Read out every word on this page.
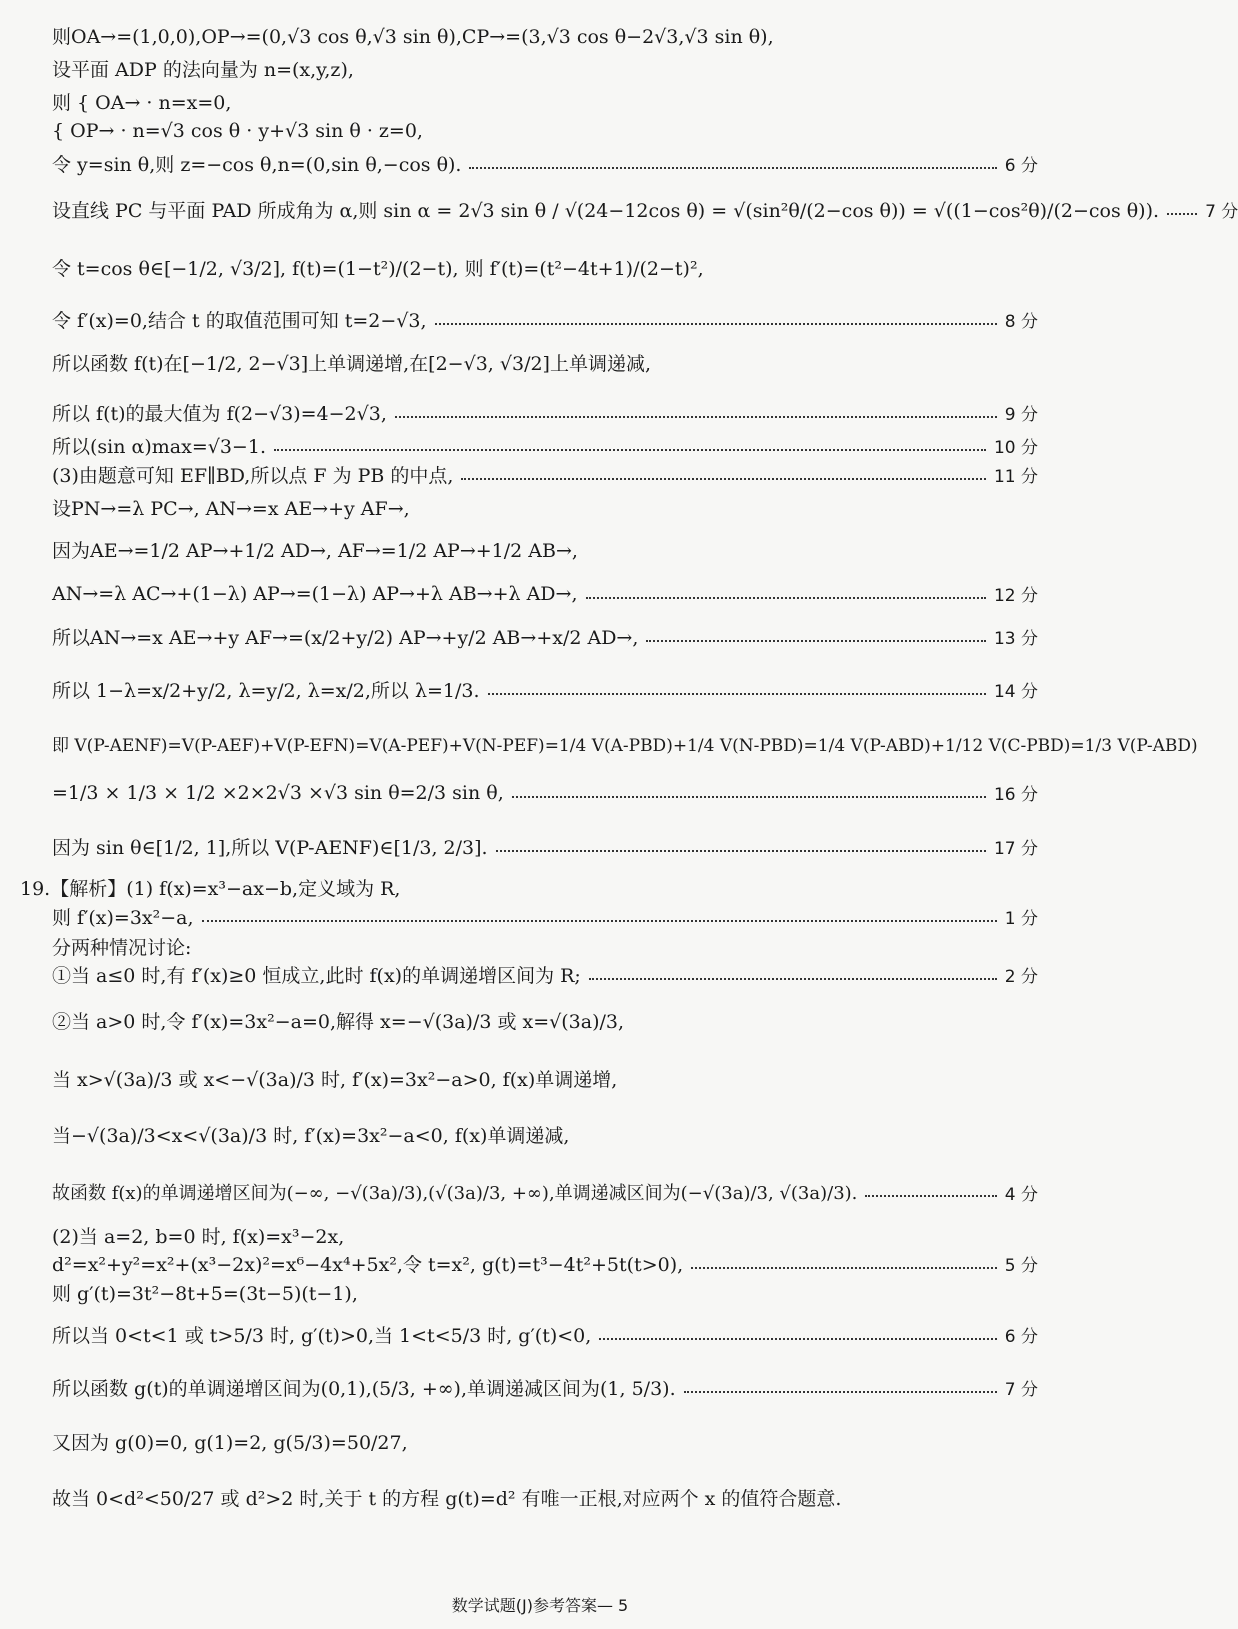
则OA→=(1,0,0),OP→=(0,√3 cos θ,√3 sin θ),CP→=(3,√3 cos θ−2√3,√3 sin θ),
设平面 ADP 的法向量为 n=(x,y,z),
则 { OA→ · n=x=0,
{ OP→ · n=√3 cos θ · y+√3 sin θ · z=0,
令 y=sin θ,则 z=−cos θ,n=(0,sin θ,−cos θ).	6 分
设直线 PC 与平面 PAD 所成角为 α,则 sin α = 2√3 sin θ / √(24−12cos θ) = √(sin²θ/(2−cos θ)) = √((1−cos²θ)/(2−cos θ)).	7 分
令 t=cos θ∈[−1/2, √3/2], f(t)=(1−t²)/(2−t), 则 f′(t)=(t²−4t+1)/(2−t)²,
令 f′(x)=0,结合 t 的取值范围可知 t=2−√3,	8 分
所以函数 f(t)在[−1/2, 2−√3]上单调递增,在[2−√3, √3/2]上单调递减,
所以 f(t)的最大值为 f(2−√3)=4−2√3,	9 分
所以(sin α)max=√3−1.	10 分
(3)由题意可知 EF∥BD,所以点 F 为 PB 的中点,	11 分
设PN→=λ PC→, AN→=x AE→+y AF→,
因为AE→=1/2 AP→+1/2 AD→, AF→=1/2 AP→+1/2 AB→,
AN→=λ AC→+(1−λ) AP→=(1−λ) AP→+λ AB→+λ AD→,	12 分
所以AN→=x AE→+y AF→=(x/2+y/2) AP→+y/2 AB→+x/2 AD→,	13 分
所以 1−λ=x/2+y/2, λ=y/2, λ=x/2,所以 λ=1/3.	14 分
即 V(P-AENF)=V(P-AEF)+V(P-EFN)=V(A-PEF)+V(N-PEF)=1/4 V(A-PBD)+1/4 V(N-PBD)=1/4 V(P-ABD)+1/12 V(C-PBD)=1/3 V(P-ABD)
=1/3 × 1/3 × 1/2 ×2×2√3 ×√3 sin θ=2/3 sin θ,	16 分
因为 sin θ∈[1/2, 1],所以 V(P-AENF)∈[1/3, 2/3].	17 分
19.【解析】(1) f(x)=x³−ax−b,定义域为 R,
则 f′(x)=3x²−a,	1 分
分两种情况讨论:
①当 a≤0 时,有 f′(x)≥0 恒成立,此时 f(x)的单调递增区间为 R;	2 分
②当 a>0 时,令 f′(x)=3x²−a=0,解得 x=−√(3a)/3 或 x=√(3a)/3,
当 x>√(3a)/3 或 x<−√(3a)/3 时, f′(x)=3x²−a>0, f(x)单调递增,
当−√(3a)/3<x<√(3a)/3 时, f′(x)=3x²−a<0, f(x)单调递减,
故函数 f(x)的单调递增区间为(−∞, −√(3a)/3),(√(3a)/3, +∞),单调递减区间为(−√(3a)/3, √(3a)/3).	4 分
(2)当 a=2, b=0 时, f(x)=x³−2x,
d²=x²+y²=x²+(x³−2x)²=x⁶−4x⁴+5x²,令 t=x², g(t)=t³−4t²+5t(t>0),	5 分
则 g′(t)=3t²−8t+5=(3t−5)(t−1),
所以当 0<t<1 或 t>5/3 时, g′(t)>0,当 1<t<5/3 时, g′(t)<0,	6 分
所以函数 g(t)的单调递增区间为(0,1),(5/3, +∞),单调递减区间为(1, 5/3).	7 分
又因为 g(0)=0, g(1)=2, g(5/3)=50/27,
故当 0<d²<50/27 或 d²>2 时,关于 t 的方程 g(t)=d² 有唯一正根,对应两个 x 的值符合题意.
数学试题(J)参考答案— 5
